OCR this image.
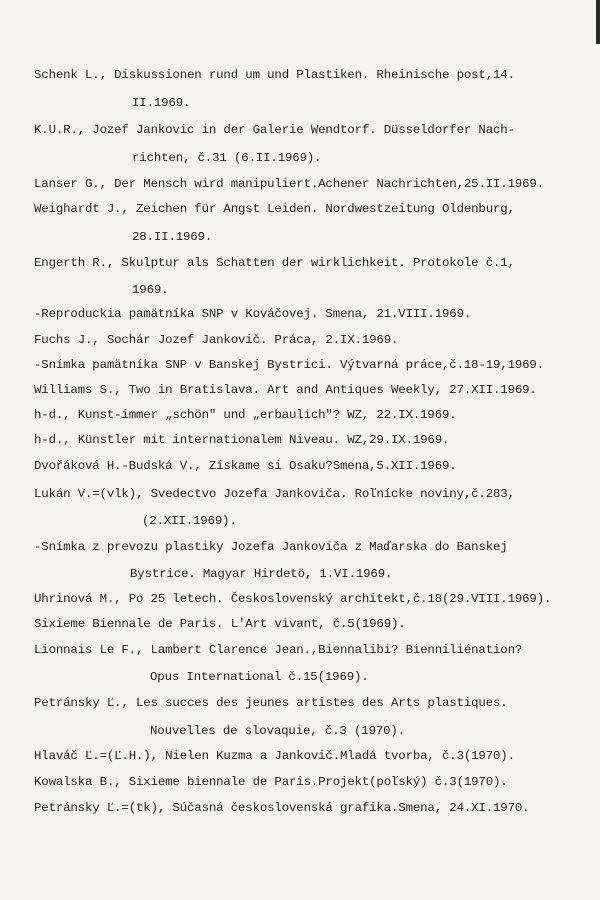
Schenk L., Diskussionen rund um und Plastiken. Rheinische post,14.
II.1969.
K.U.R., Jozef Jankovic in der Galerie Wendtorf. Düsseldorfer Nach-
richten, č.31 (6.II.1969).
Lanser G., Der Mensch wird manipuliert.Achener Nachrichten,25.II.1969.
Weighardt J., Zeichen für Angst Leiden. Nordwestzeitung Oldenburg,
28.II.1969.
Engerth R., Skulptur als Schatten der wirklichkeit. Protokole č.1,
1969.
-Reproduckia pamätníka SNP v Kováčovej. Smena, 21.VIII.1969.
Fuchs J., Sochár Jozef Jankovič. Práca, 2.IX.1969.
-Snímka pamätníka SNP v Banskej Bystrici. Výtvarná práce,č.18-19,1969.
Williams S., Two in Bratislava. Art and Antiques Weekly, 27.XII.1969.
h-d., Kunst-immer „schön" und „erbaulich"? WZ, 22.IX.1969.
h-d., Künstler mit internationalem Niveau. WZ,29.IX.1969.
Dvořáková H.-Budská V., Získame si Osaku?Smena,5.XII.1969.
Lukán V.=(vlk), Svedectvo Jozefa Jankoviča. Roľnícke noviny,č.283,
(2.XII.1969).
-Snímka z prevozu plastiky Jozefa Jankoviča z Maďarska do Banskej
Bystrice. Magyar Hirdetö, 1.VI.1969.
Uhrinová M., Po 25 letech. Československý architekt,č.18(29.VIII.1969).
Sixieme Biennale de Paris. L'Art vivant, č.5(1969).
Lionnais Le F., Lambert Clarence Jean.,Biennalibi? Bienniliénation?
Opus International č.15(1969).
Petránsky Ľ., Les succes des jeunes artistes des Arts plastiques.
Nouvelles de slovaquie, č.3 (1970).
Hlaváč Ľ.=(Ľ.H.), Nielen Kuzma a Jankovič.Mladá tvorba, č.3(1970).
Kowalska B., Sixieme biennale de Paris.Projekt(poľský) č.3(1970).
Petránsky Ľ.=(tk), Súčasná československá grafika.Smena, 24.XI.1970.
